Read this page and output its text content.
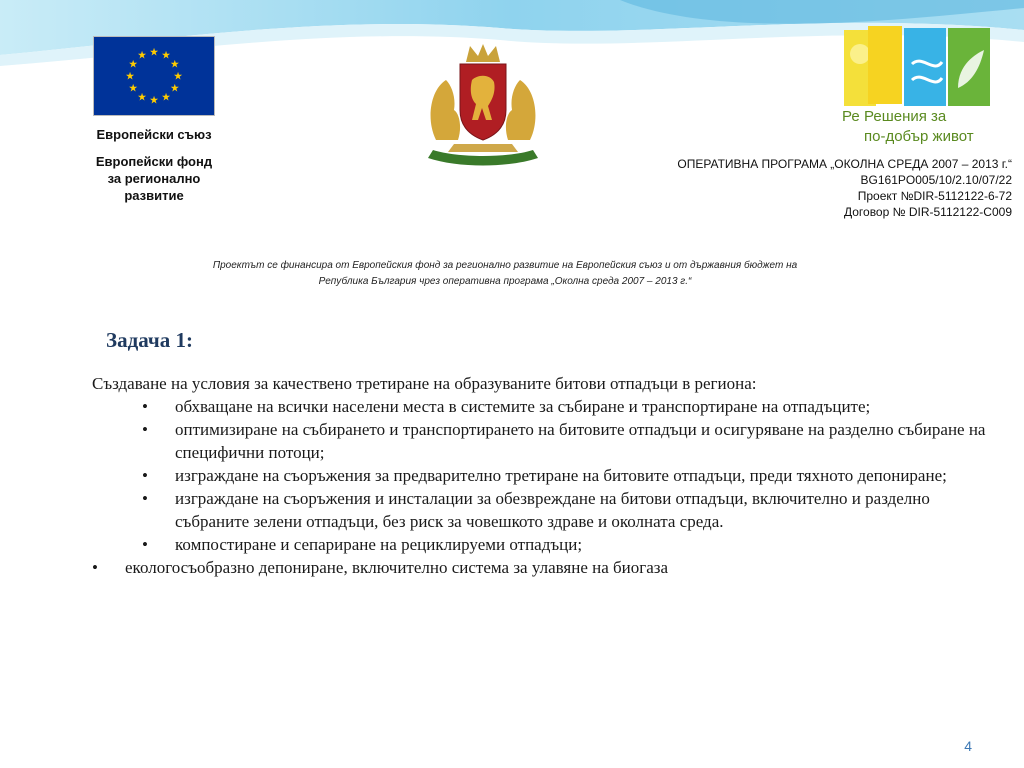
★ ★
★
★
★
★
★
★
★
★
★
★
Европейски съюз
Европейски фонд
за регионално
развитие
Ре Решения за
по-добър живот
ОПЕРАТИВНА ПРОГРАМА „ОКОЛНА СРЕДА 2007 – 2013 г.“
BG161PO005/10/2.10/07/22
Проект №DIR-5112122-6-72
Договор № DIR-5112122-C009
Проектът се финансира от Европейския фонд за регионално развитие на Европейския съюз и от държавния бюджет на
Република България чрез оперативна програма „Околна среда 2007 – 2013 г.“
Задача 1:

Създаване на условия за качествено третиране на образуваните битови отпадъци в региона:

• обхващане на всички населени места в системите за събиране и транспортиране на отпадъците;
• оптимизиране на събирането и транспортирането на битовите отпадъци и осигуряване на разделно събиране на специфични потоци;
• изграждане на съоръжения за предварително третиране на битовите отпадъци, преди тяхното депониране;
• изграждане на съоръжения и инсталации за обезвреждане на битови отпадъци, включително и разделно събраните зелени отпадъци, без риск за човешкото здраве и околната среда.
• компостиране и сепариране на рециклируеми отпадъци;
• екологосъобразно депониране, включително система за улавяне на биогаза
4
